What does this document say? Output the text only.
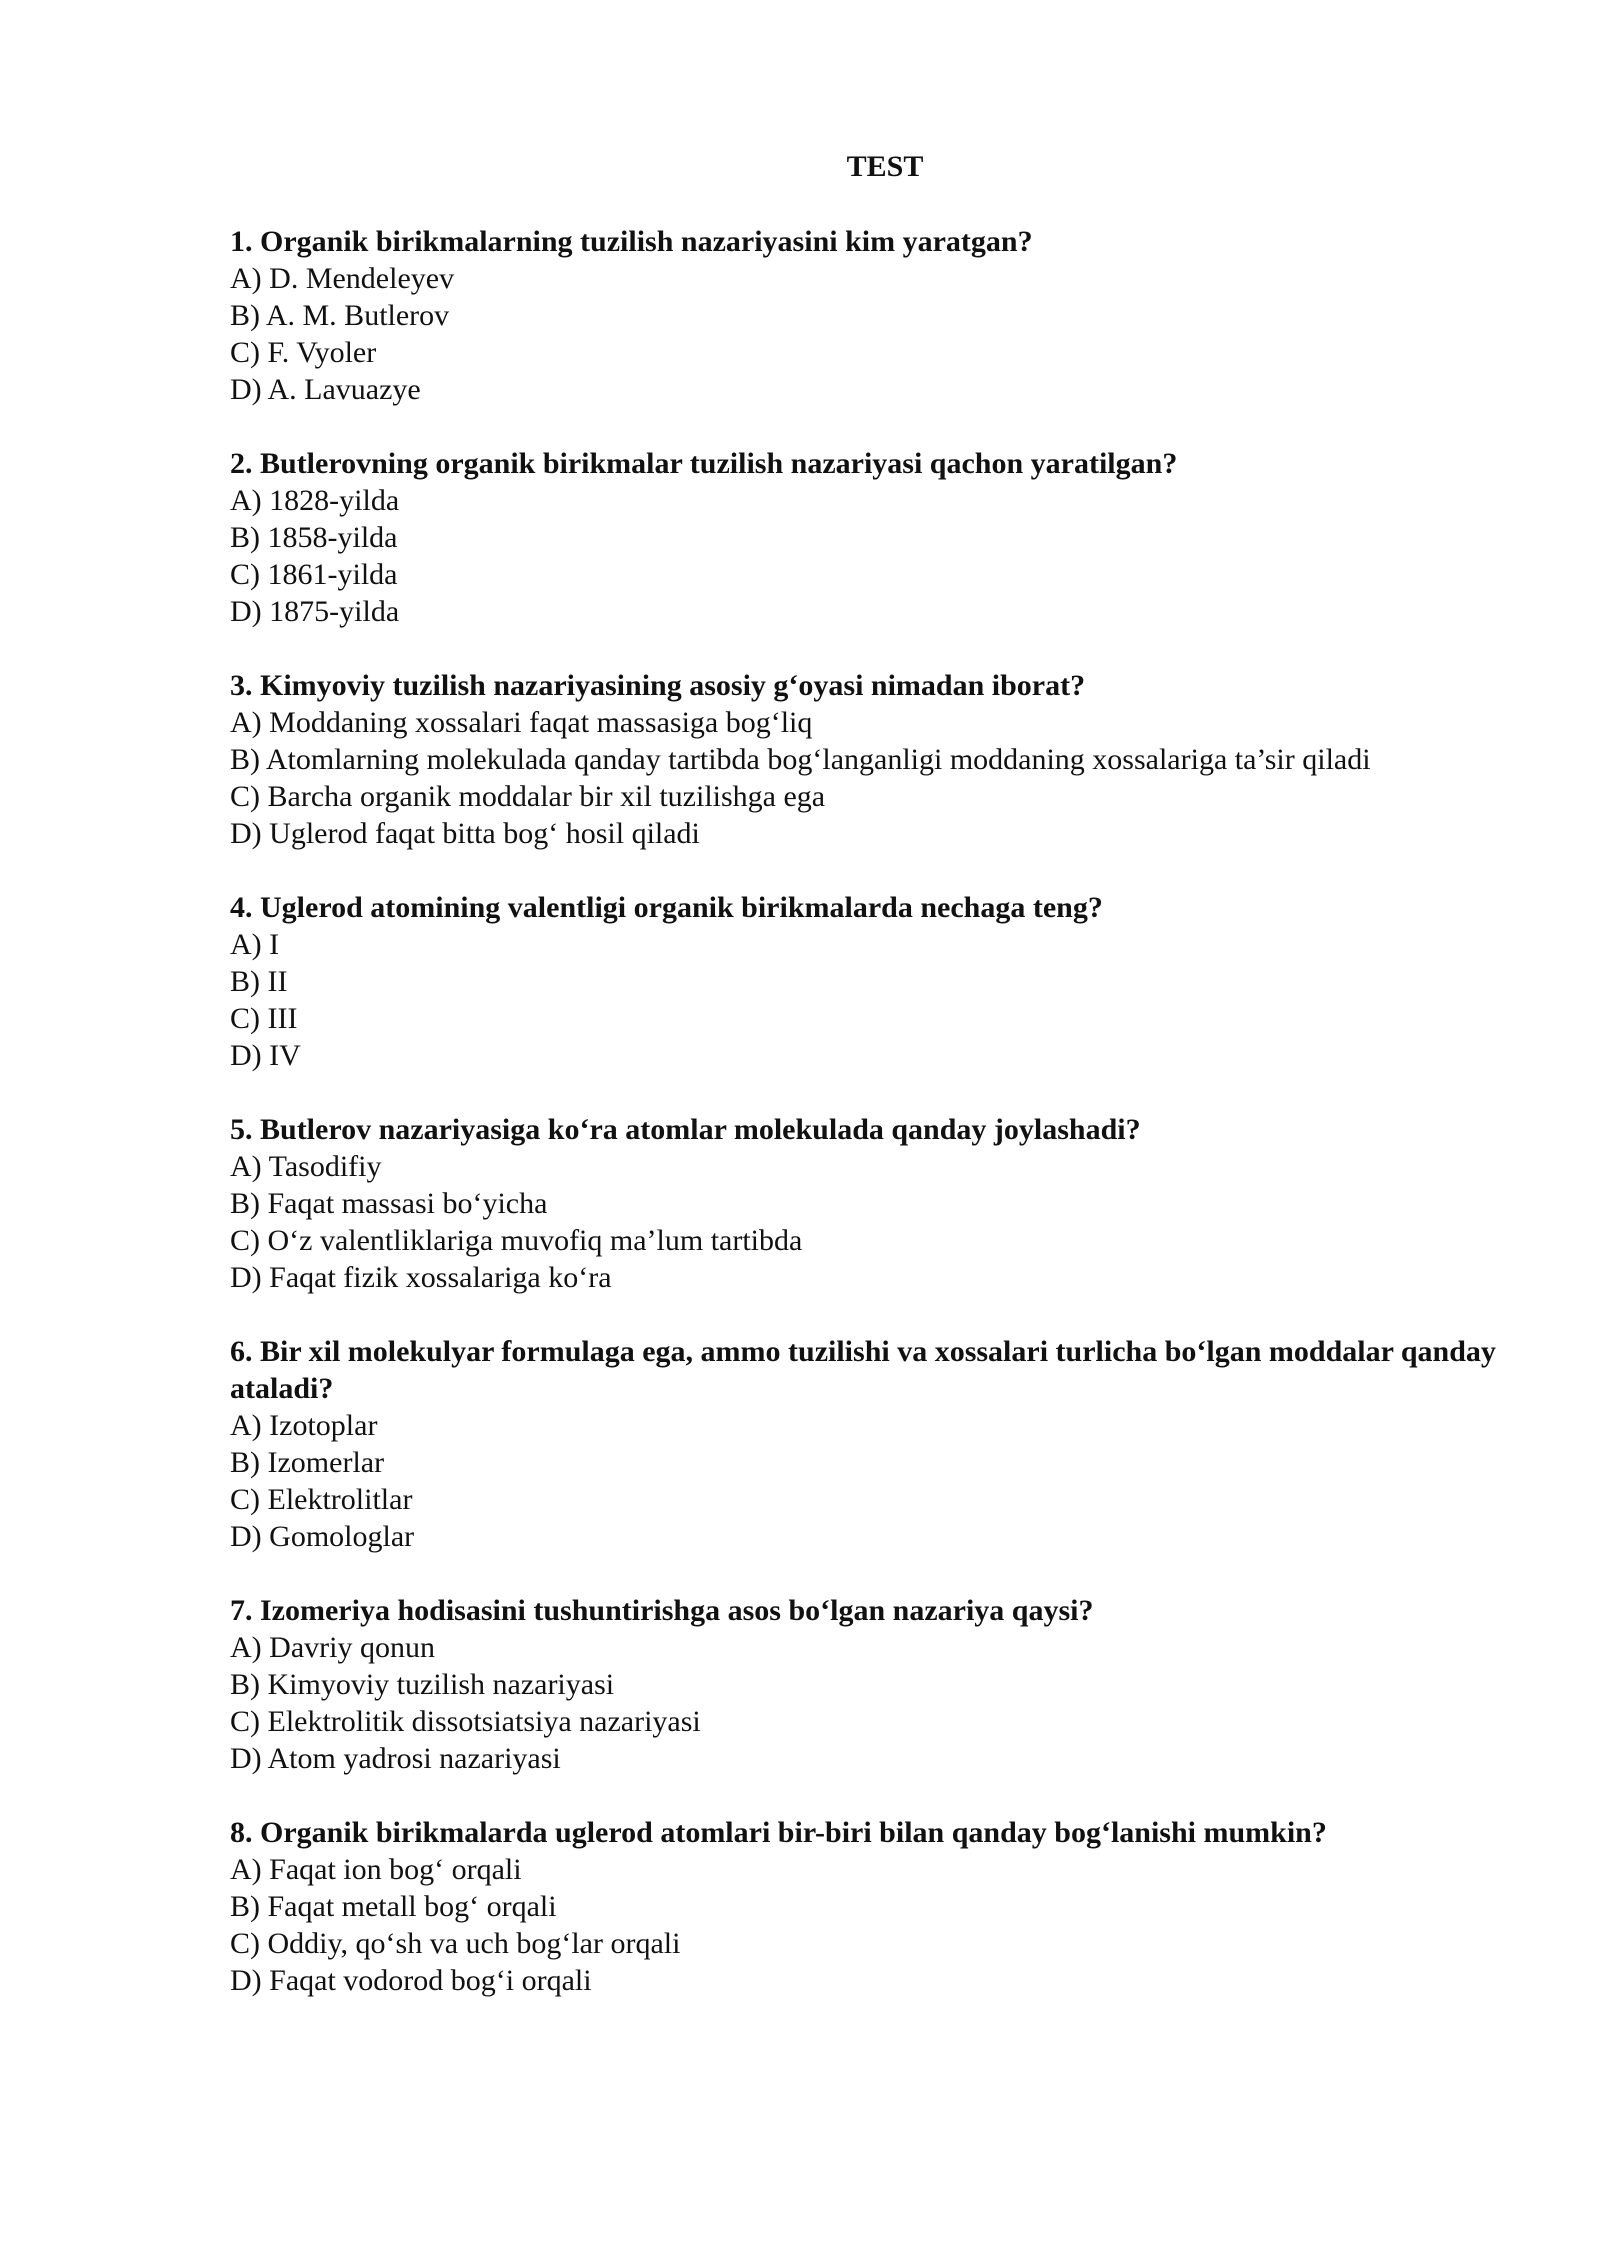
TEST

1. Organik birikmalarning tuzilish nazariyasini kim yaratgan?

A) D. Mendeleyev
B) A. M. Butlerov
C) F. Vyoler
D) A. Lavuazye

2. Butlerovning organik birikmalar tuzilish nazariyasi qachon yaratilgan?

A) 1828-yilda
B) 1858-yilda
C) 1861-yilda
D) 1875-yilda

3. Kimyoviy tuzilish nazariyasining asosiy g‘oyasi nimadan iborat?

A) Moddaning xossalari faqat massasiga bog‘liq
B) Atomlarning molekulada qanday tartibda bog‘langanligi moddaning xossalariga ta’sir qiladi
C) Barcha organik moddalar bir xil tuzilishga ega
D) Uglerod faqat bitta bog‘ hosil qiladi

4. Uglerod atomining valentligi organik birikmalarda nechaga teng?

A) I
B) II
C) III
D) IV

5. Butlerov nazariyasiga ko‘ra atomlar molekulada qanday joylashadi?

A) Tasodifiy
B) Faqat massasi bo‘yicha
C) O‘z valentliklariga muvofiq ma’lum tartibda
D) Faqat fizik xossalariga ko‘ra

6. Bir xil molekulyar formulaga ega, ammo tuzilishi va xossalari turlicha bo‘lgan moddalar qanday ataladi?

A) Izotoplar
B) Izomerlar
C) Elektrolitlar
D) Gomologlar

7. Izomeriya hodisasini tushuntirishga asos bo‘lgan nazariya qaysi?

A) Davriy qonun
B) Kimyoviy tuzilish nazariyasi
C) Elektrolitik dissotsiatsiya nazariyasi
D) Atom yadrosi nazariyasi

8. Organik birikmalarda uglerod atomlari bir-biri bilan qanday bog‘lanishi mumkin?

A) Faqat ion bog‘ orqali
B) Faqat metall bog‘ orqali
C) Oddiy, qo‘sh va uch bog‘lar orqali
D) Faqat vodorod bog‘i orqali
